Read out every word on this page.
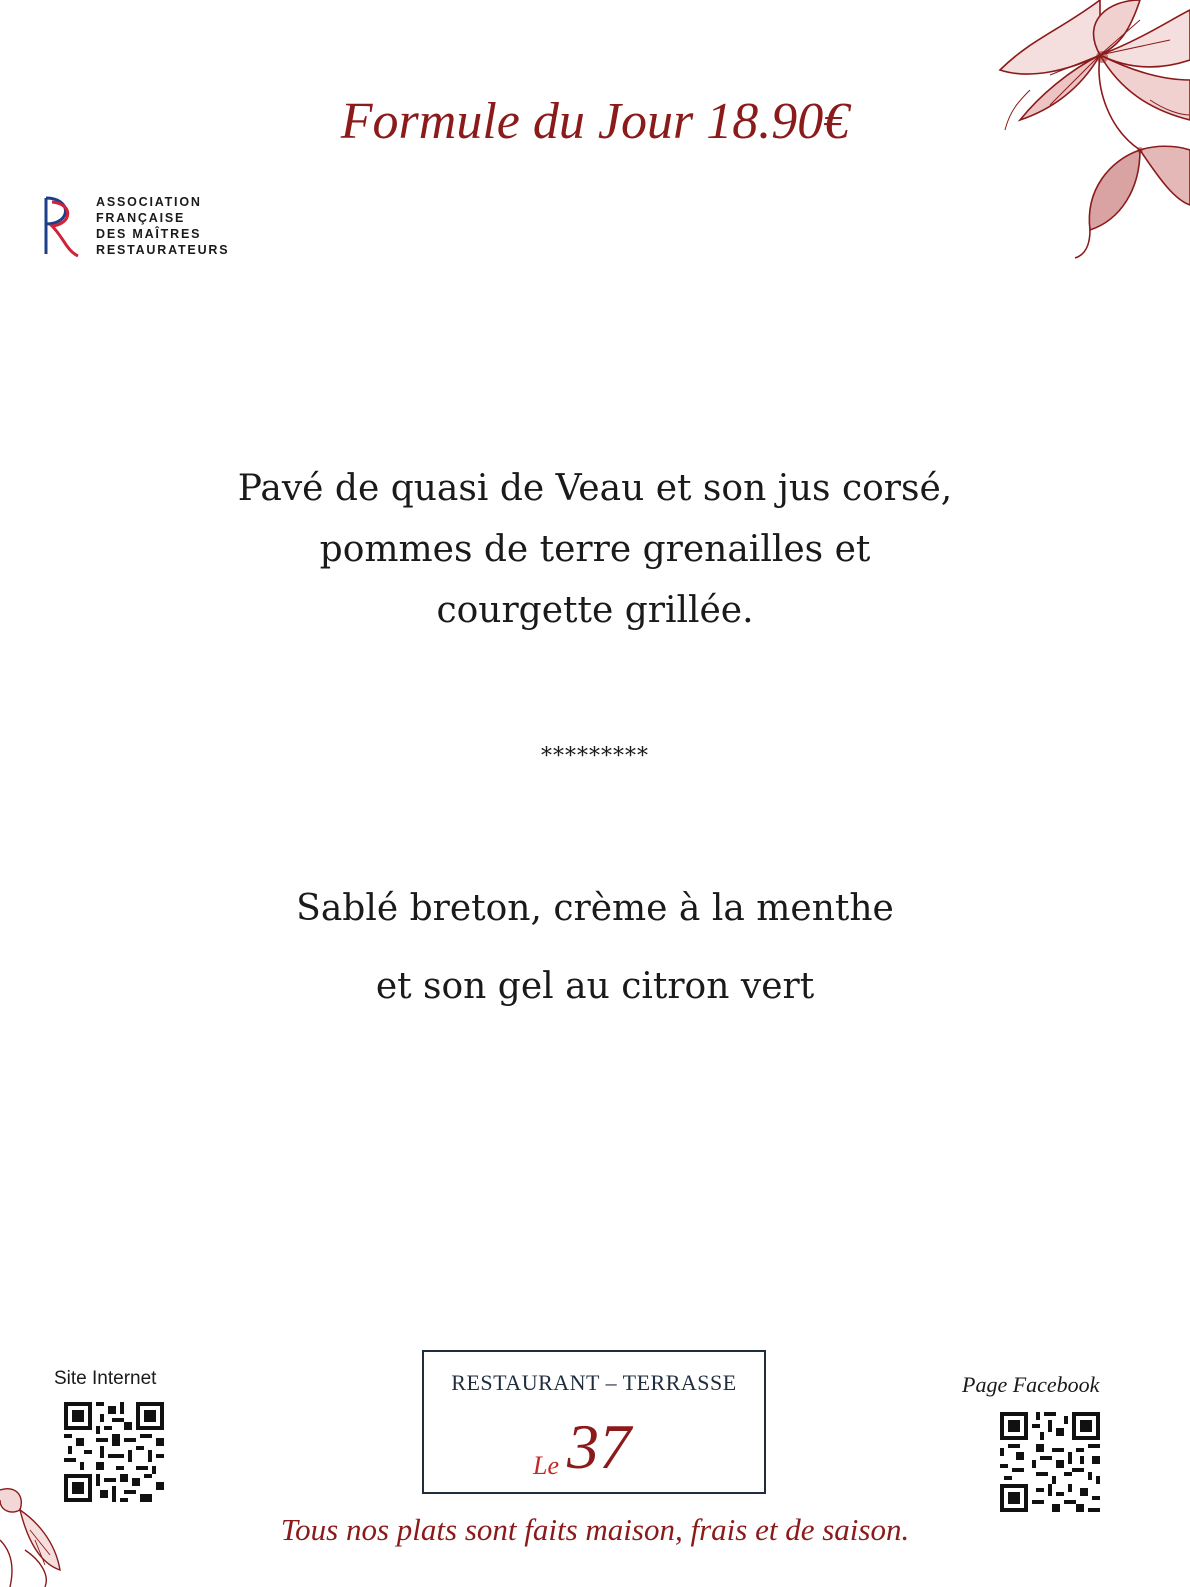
Formule du Jour 18.90€
ASSOCIATION
FRANÇAISE
DES MAÎTRES
RESTAURATEURS
Pavé de quasi de Veau et son jus corsé,
pommes de terre grenailles et
courgette grillée.
*********
Sablé breton, crème à la menthe
et son gel au citron vert
Site Internet	RESTAURANT – TERRASSE
Le 37
Page Facebook
Tous nos plats sont faits maison, frais et de saison.
